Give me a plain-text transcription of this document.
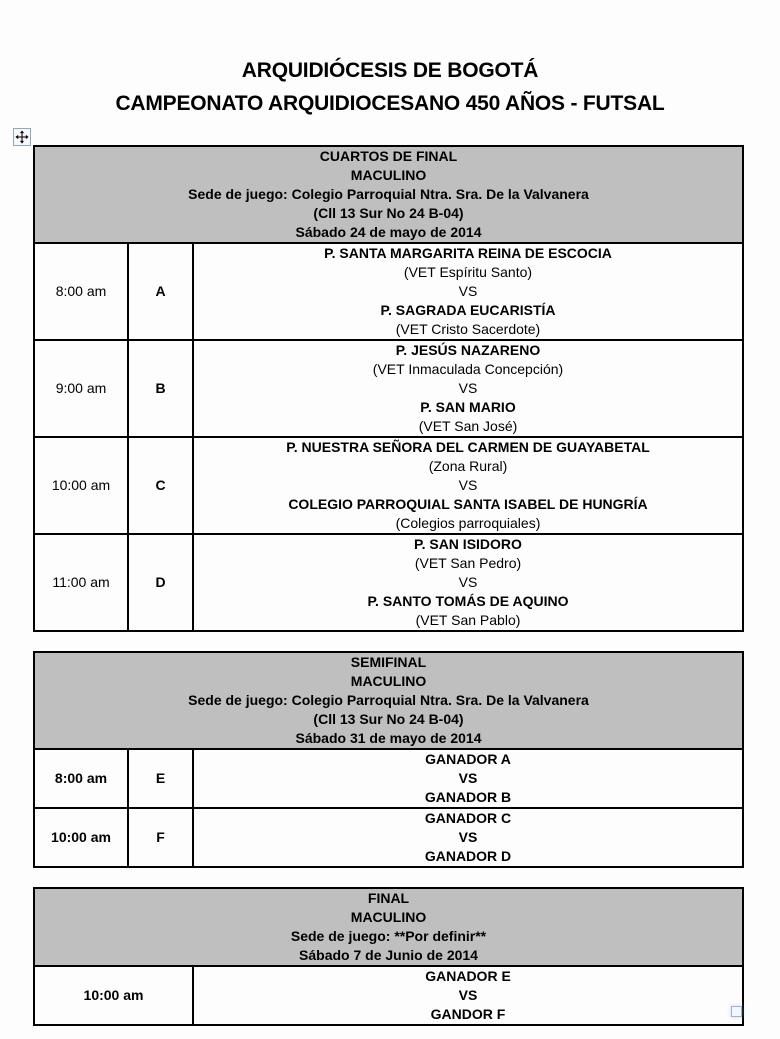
ARQUIDIÓCESIS DE BOGOTÁ
CAMPEONATO ARQUIDIOCESANO 450 AÑOS - FUTSAL
CUARTOS DE FINAL
MACULINO
Sede de juego: Colegio Parroquial Ntra. Sra. De la Valvanera
(Cll 13 Sur No 24 B-04)
Sábado 24 de mayo de 2014		

8:00 am	A	P. SANTA MARGARITA REINA DE ESCOCIA
(VET Espíritu Santo)
VS
P. SAGRADA EUCARISTÍA
(VET Cristo Sacerdote)

9:00 am	B	P. JESÚS NAZARENO
(VET Inmaculada Concepción)
VS
P. SAN MARIO
(VET San José)

10:00 am	C	P. NUESTRA SEÑORA DEL CARMEN DE GUAYABETAL
(Zona Rural)
VS
COLEGIO PARROQUIAL SANTA ISABEL DE HUNGRÍA
(Colegios parroquiales)

11:00 am	D	P. SAN ISIDORO
(VET San Pedro)
VS
P. SANTO TOMÁS DE AQUINO
(VET San Pablo)
SEMIFINAL
MACULINO
Sede de juego: Colegio Parroquial Ntra. Sra. De la Valvanera
(Cll 13 Sur No 24 B-04)
Sábado 31 de mayo de 2014		

8:00 am	E	GANADOR A
VS
GANADOR B

10:00 am	F	GANADOR C
VS
GANADOR D
FINAL
MACULINO
Sede de juego: **Por definir**
Sábado 7 de Junio de 2014

10:00 am	
GANADOR E
VS
GANDOR F
